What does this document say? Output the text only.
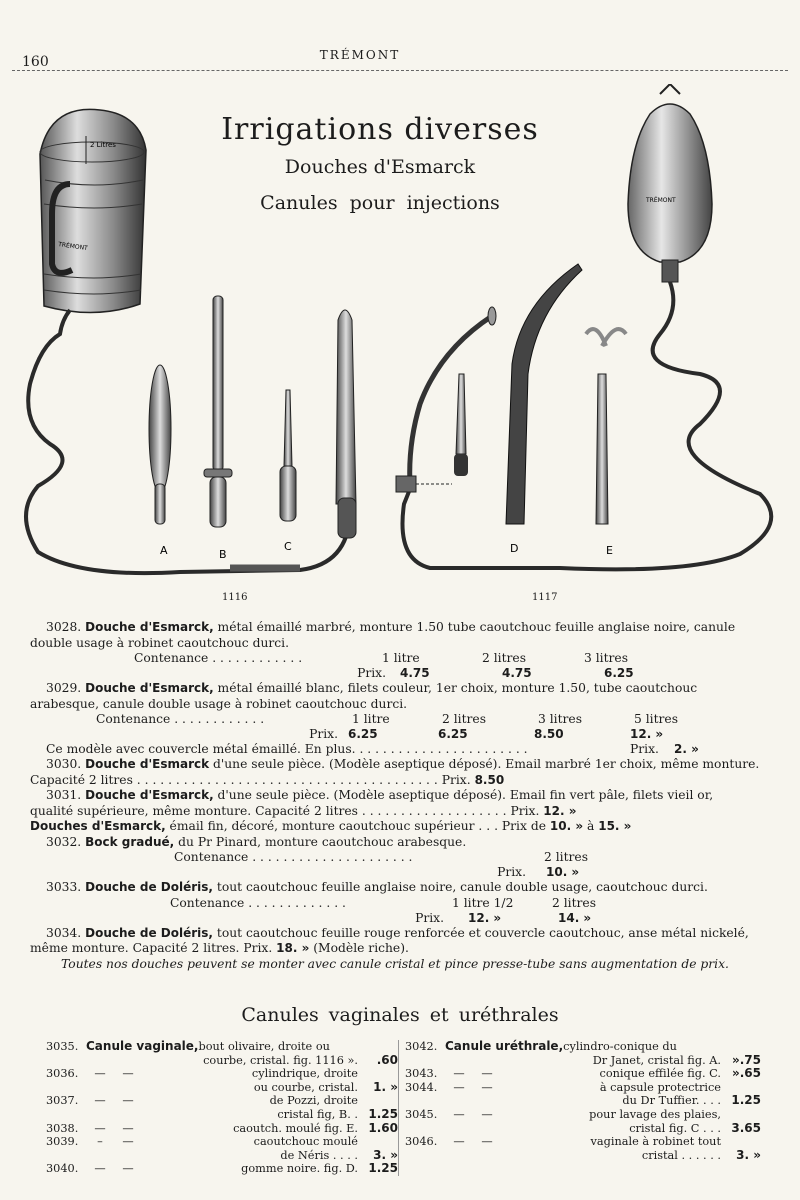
160	TRÉMONT
2 Litres
TRÉMONT
TRÉMONT
A	B
C	D	E
Irrigations diverses
Douches d'Esmarck
Canules pour injections
1116	1117

3028. Douche d'Esmarck, métal émaillé marbré, monture 1.50 tube caoutchouc feuille anglaise noire, canule double usage à robinet caoutchouc durci.

Contenance . . . . . . . . . . . .	1 litre	2 litres	3 litres
Prix.	4.75	4.75	6.25

3029. Douche d'Esmarck, métal émaillé blanc, filets couleur, 1er choix, monture 1.50, tube caoutchouc arabesque, canule double usage à robinet caoutchouc durci.

Contenance . . . . . . . . . . . .	1 litre	2 litres	3 litres	5 litres
Prix. 6.25	6.25	8.50	12. »
Ce modèle avec couvercle métal émaillé. En plus. . . . . . . . . . . . . . . . . . . . . . .	Prix.	2. »

3030. Douche d'Esmarck d'une seule pièce. (Modèle aseptique déposé). Email marbré 1er choix, même monture. Capacité 2 litres . . . . . . . . . . . . . . . . . . . . . . . . . . . . . . . . . . . . . . . Prix. 8.50

3031. Douche d'Esmarck, d'une seule pièce. (Modèle aseptique déposé). Email fin vert pâle, filets vieil or, qualité supérieure, même monture. Capacité 2 litres . . . . . . . . . . . . . . . . . . . Prix. 12. »

Douches d'Esmarck, émail fin, décoré, monture caoutchouc supérieur . . . Prix de 10. » à 15. »

3032. Bock gradué, du Pr Pinard, monture caoutchouc arabesque.

Contenance . . . . . . . . . . . . . . . . . . . . .	2 litres
Prix.	10. »

3033. Douche de Doléris, tout caoutchouc feuille anglaise noire, canule double usage, caoutchouc durci.

Contenance . . . . . . . . . . . . .	1 litre 1/2	2 litres
Prix.	12. »	14. »

3034. Douche de Doléris, tout caoutchouc feuille rouge renforcée et couvercle caoutchouc, anse métal nickelé, même monture. Capacité 2 litres. Prix. 18. » (Modèle riche).

Toutes nos douches peuvent se monter avec canule cristal et pince presse-tube sans augmentation de prix.

Canules vaginales et uréthrales
3035. Canule vaginale, bout olivaire, droite ou
courbe, cristal. fig. 1116 ».	.60
3036.	—	—	cylindrique, droite
ou courbe, cristal.	1. »
3037.	—	—	de Pozzi, droite
cristal fig, B. . 1.25
3038.	—	—	caoutch. moulé fig. E. 1.60
3039.	–	—	caoutchouc moulé
de Néris . . . .	3. »
3040.	—	—	gomme noire. fig. D. 1.25
3042. Canule uréthrale, cylindro-conique du
Dr Janet, cristal fig. A. ».75
3043.	—	—	conique effilée fig. C. ».65
3044.	—	—	à capsule protectrice
du Dr Tuffier. . . . 1.25
3045.	—	—	pour lavage des plaies,
cristal fig. C . . . 3.65
3046.	—	—	vaginale à robinet tout
cristal . . . . . .	3. »
